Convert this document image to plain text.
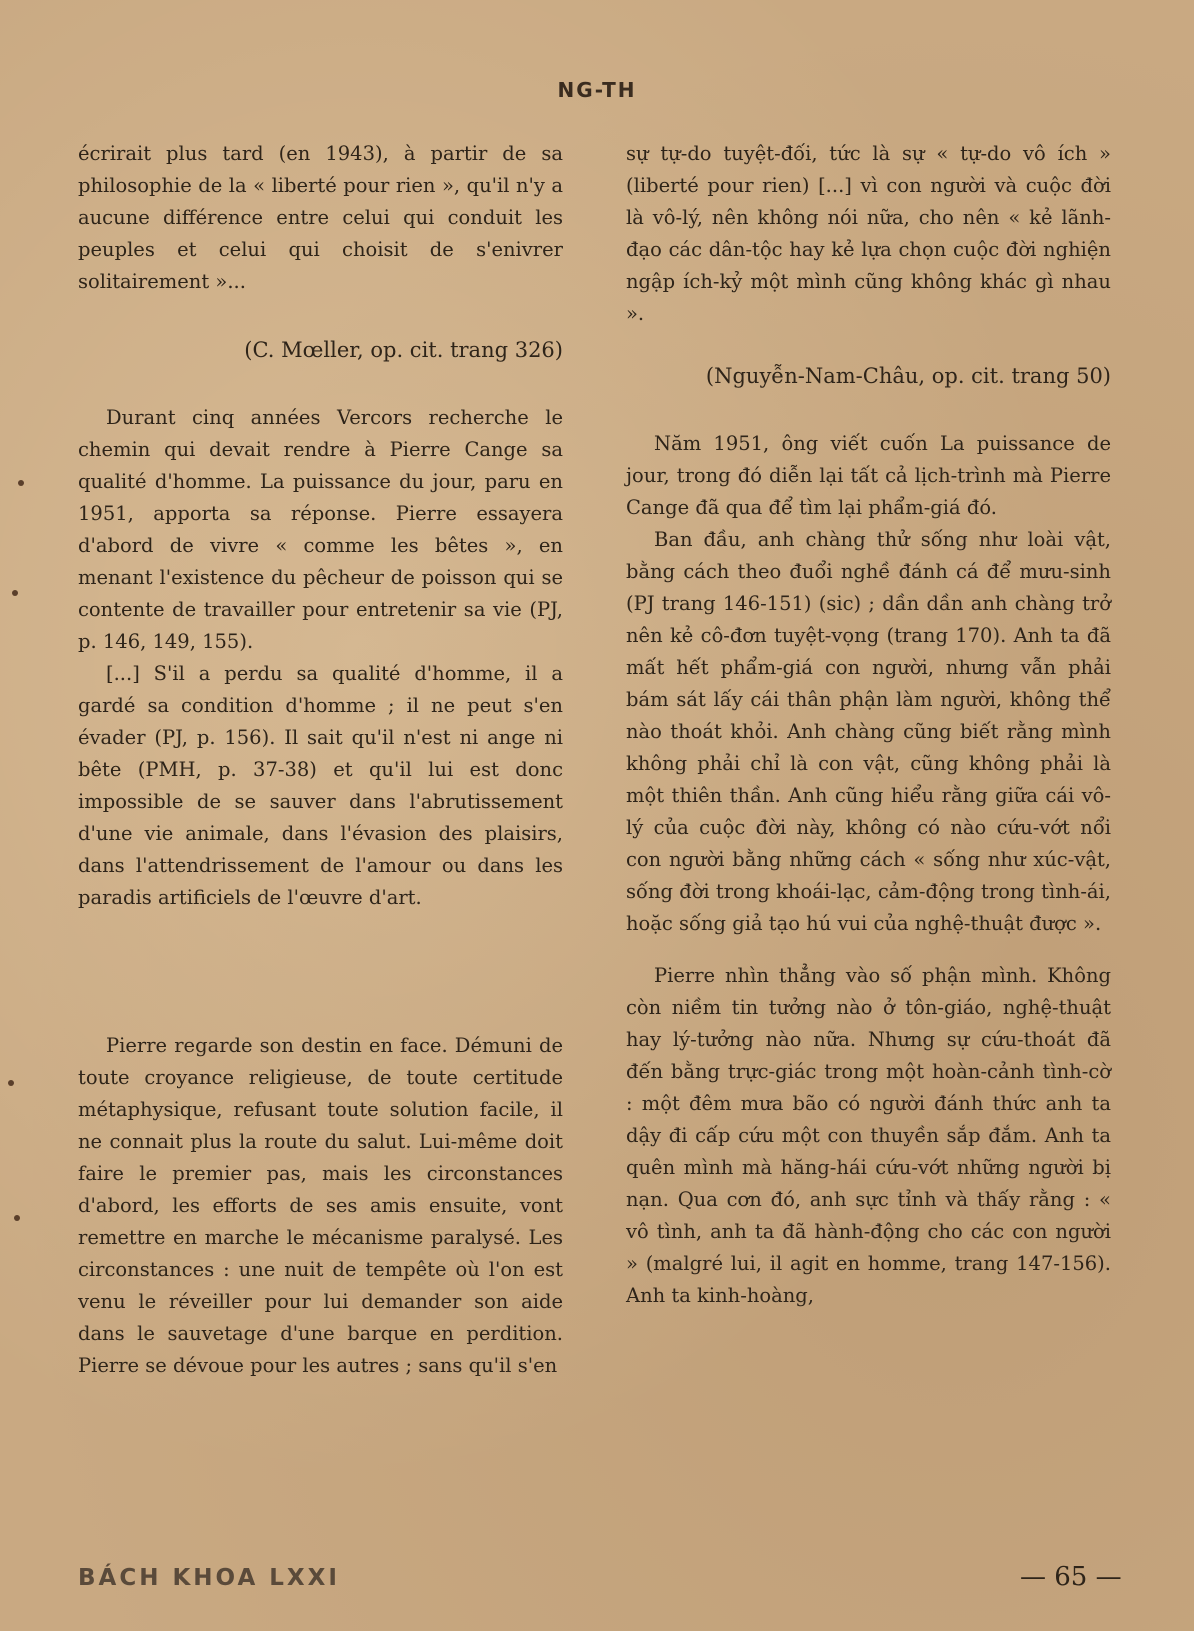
NG-TH

écrirait plus tard (en 1943), à partir de sa philosophie de la « liberté pour rien », qu'il n'y a aucune différence entre celui qui conduit les peuples et celui qui choisit de s'enivrer solitairement »...

(C. Mœller, op. cit. trang 326)

Durant cinq années Vercors recherche le chemin qui devait rendre à Pierre Cange sa qualité d'homme. La puissance du jour, paru en 1951, apporta sa réponse. Pierre essayera d'abord de vivre « comme les bêtes », en menant l'existence du pêcheur de poisson qui se contente de travailler pour entretenir sa vie (PJ, p. 146, 149, 155).

[...] S'il a perdu sa qualité d'homme, il a gardé sa condition d'homme ; il ne peut s'en évader (PJ, p. 156). Il sait qu'il n'est ni ange ni bête (PMH, p. 37-38) et qu'il lui est donc impossible de se sauver dans l'abrutissement d'une vie animale, dans l'évasion des plaisirs, dans l'attendrissement de l'amour ou dans les paradis artificiels de l'œuvre d'art.

Pierre regarde son destin en face. Démuni de toute croyance religieuse, de toute certitude métaphysique, refusant toute solution facile, il ne connait plus la route du salut. Lui-même doit faire le premier pas, mais les circonstances d'abord, les efforts de ses amis ensuite, vont remettre en marche le mécanisme paralysé. Les circonstances : une nuit de tempête où l'on est venu le réveiller pour lui demander son aide dans le sauvetage d'une barque en perdition. Pierre se dévoue pour les autres ; sans qu'il s'en

sự tự-do tuyệt-đối, tức là sự « tự-do vô ích » (liberté pour rien) [...] vì con người và cuộc đời là vô-lý, nên không nói nữa, cho nên « kẻ lãnh-đạo các dân-tộc hay kẻ lựa chọn cuộc đời nghiện ngập ích-kỷ một mình cũng không khác gì nhau ».

(Nguyễn-Nam-Châu, op. cit. trang 50)

Năm 1951, ông viết cuốn La puissance de jour, trong đó diễn lại tất cả lịch-trình mà Pierre Cange đã qua để tìm lại phẩm-giá đó.

Ban đầu, anh chàng thử sống như loài vật, bằng cách theo đuổi nghề đánh cá để mưu-sinh (PJ trang 146-151) (sic) ; dần dần anh chàng trở nên kẻ cô-đơn tuyệt-vọng (trang 170). Anh ta đã mất hết phẩm-giá con người, nhưng vẫn phải bám sát lấy cái thân phận làm người, không thể nào thoát khỏi. Anh chàng cũng biết rằng mình không phải chỉ là con vật, cũng không phải là một thiên thần. Anh cũng hiểu rằng giữa cái vô-lý của cuộc đời này, không có nào cứu-vớt nổi con người bằng những cách « sống như xúc-vật, sống đời trong khoái-lạc, cảm-động trong tình-ái, hoặc sống giả tạo hú vui của nghệ-thuật được ».

Pierre nhìn thẳng vào số phận mình. Không còn niềm tin tưởng nào ở tôn-giáo, nghệ-thuật hay lý-tưởng nào nữa. Nhưng sự cứu-thoát đã đến bằng trực-giác trong một hoàn-cảnh tình-cờ : một đêm mưa bão có người đánh thức anh ta dậy đi cấp cứu một con thuyền sắp đắm. Anh ta quên mình mà hăng-hái cứu-vớt những người bị nạn. Qua cơn đó, anh sực tỉnh và thấy rằng : « vô tình, anh ta đã hành-động cho các con người » (malgré lui, il agit en homme, trang 147-156). Anh ta kinh-hoàng,

BÁCH KHOA LXXI	— 65 —
